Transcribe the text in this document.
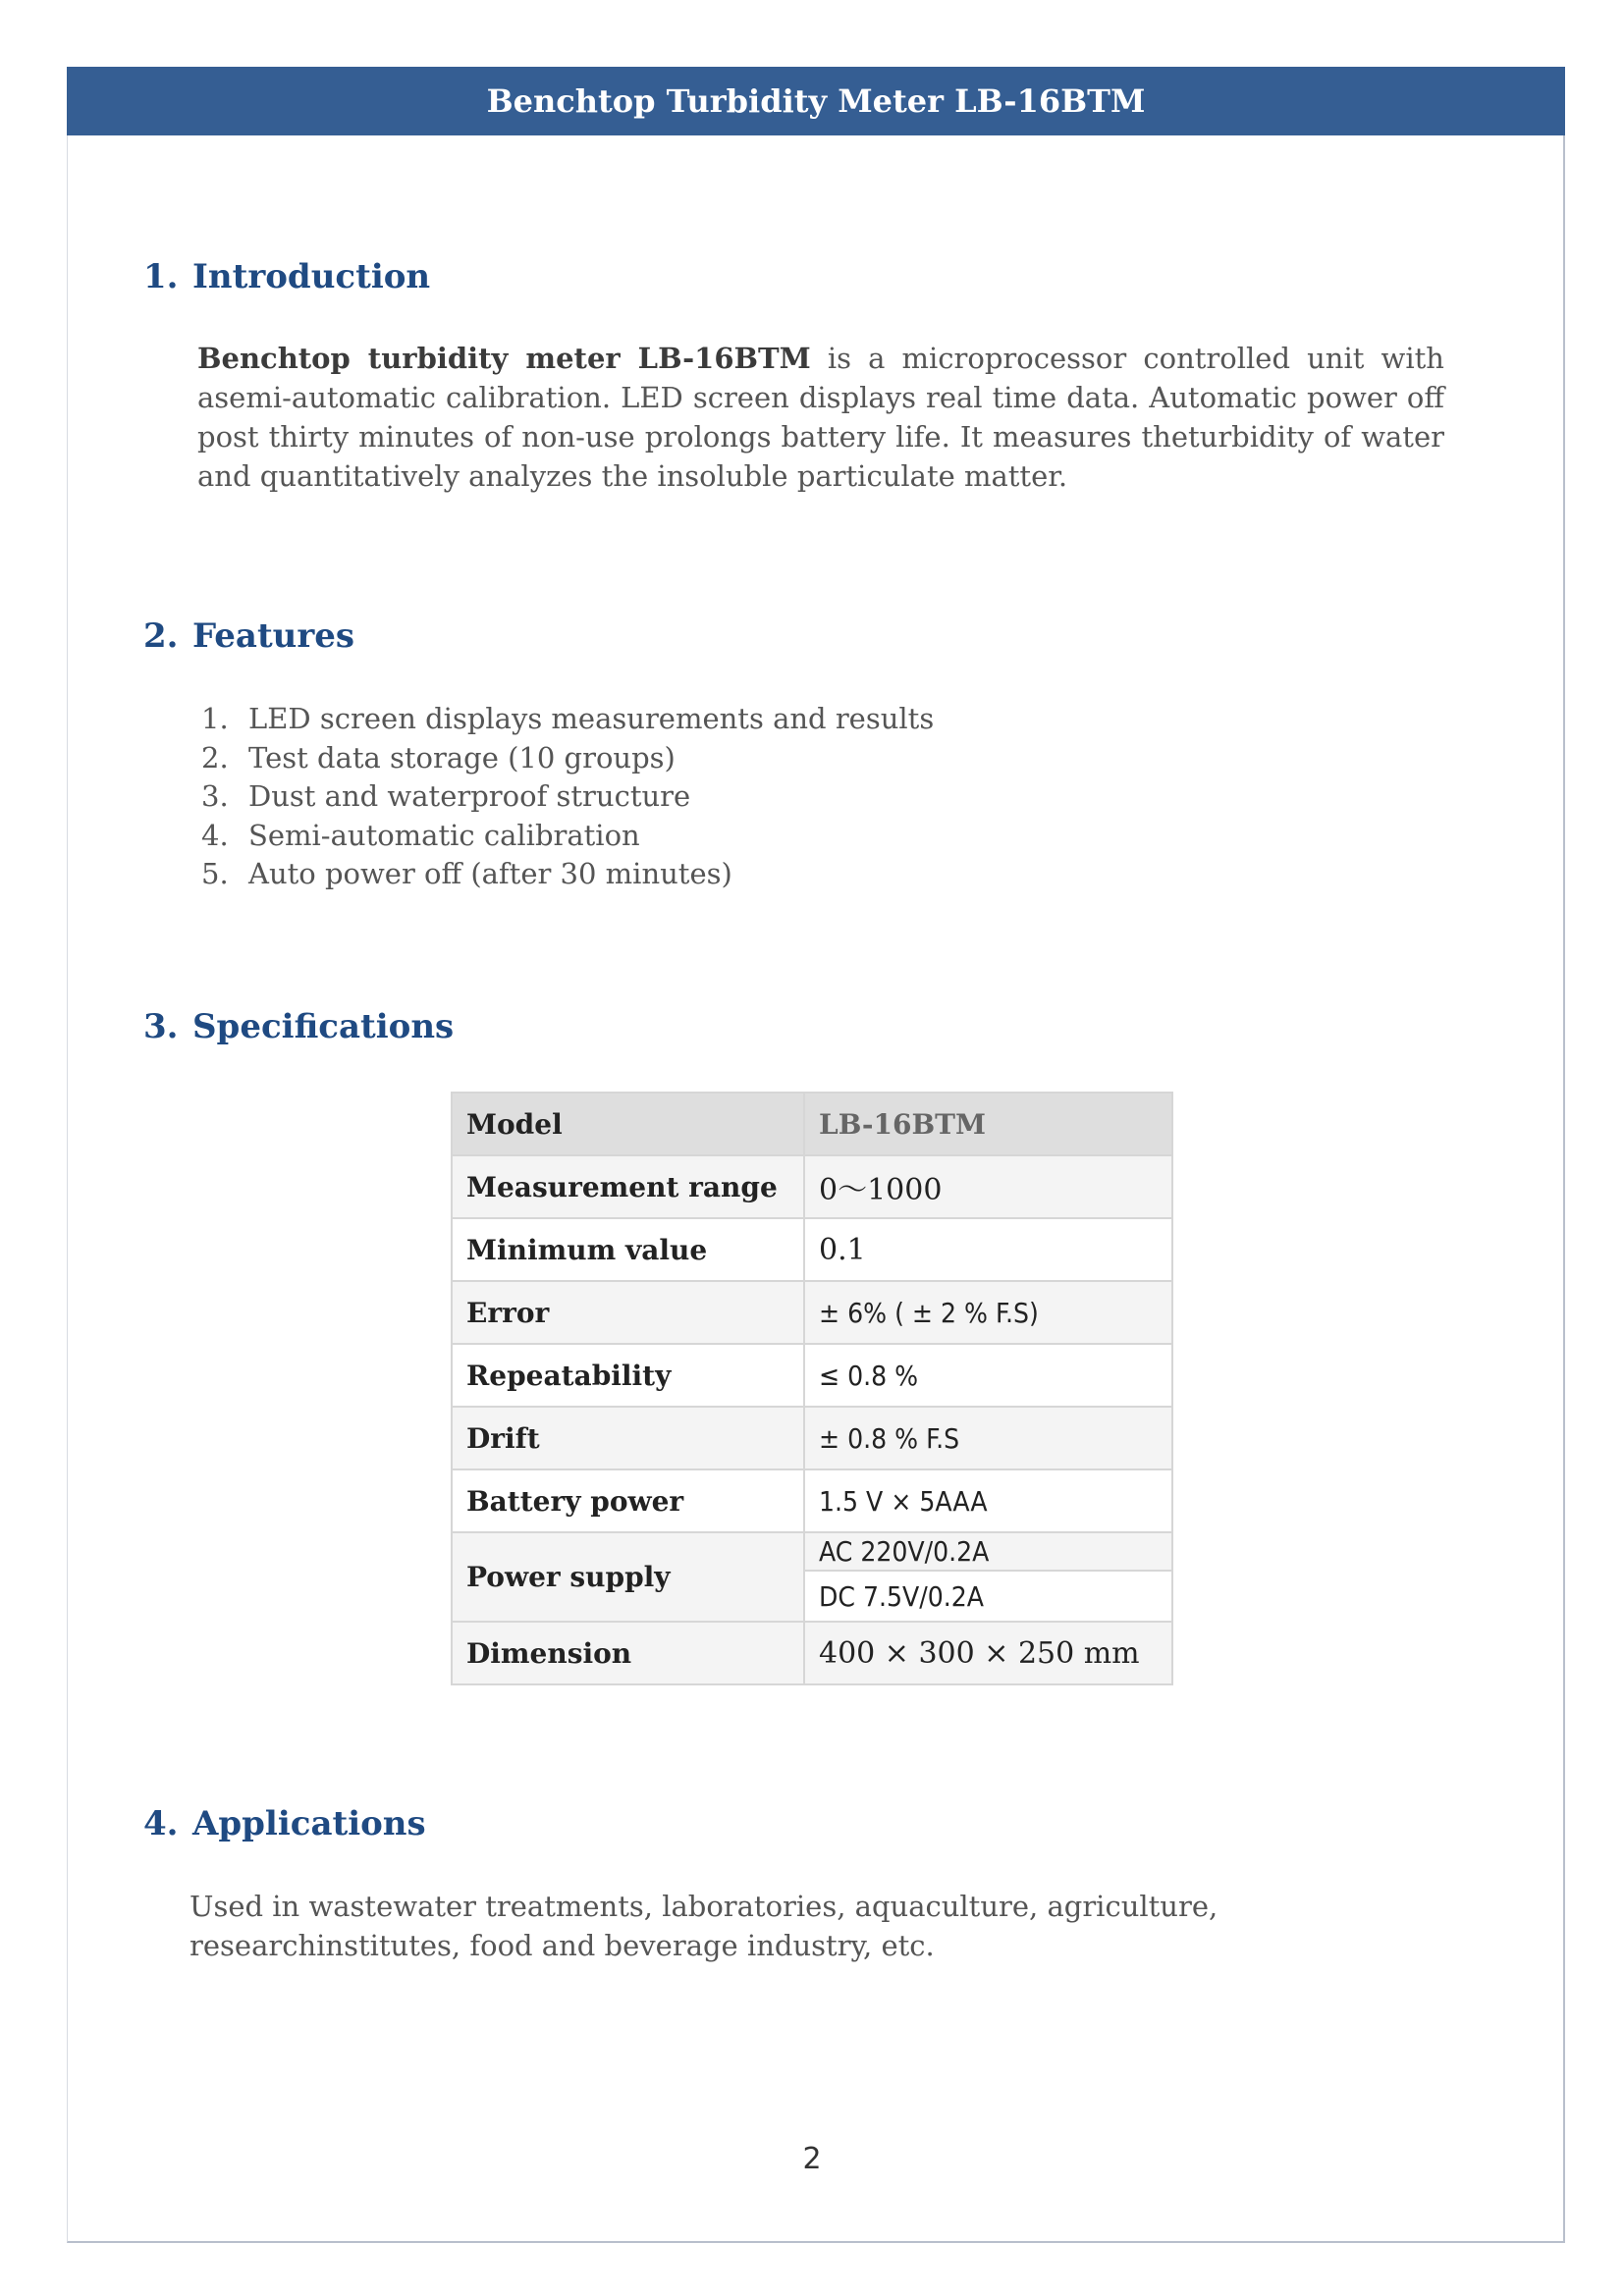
Benchtop Turbidity Meter LB-16BTM
1. Introduction
Benchtop turbidity meter LB-16BTM is a microprocessor controlled unit with asemi-automatic calibration. LED screen displays real time data. Automatic power off post thirty minutes of non-use prolongs battery life. It measures theturbidity of water and quantitatively analyzes the insoluble particulate matter.
2. Features
1. LED screen displays measurements and results
2. Test data storage (10 groups)
3. Dust and waterproof structure
4. Semi-automatic calibration
5. Auto power off (after 30 minutes)
3. Specifications
Model	LB-16BTM
Measurement range	0～1000
Minimum value	0.1
Error	± 6% ( ± 2 % F.S)
Repeatability	≤ 0.8 %
Drift	± 0.8 % F.S
Battery power	1.5 V × 5AAA
Power supply	AC 220V/0.2A
	DC 7.5V/0.2A
Dimension	400 × 300 × 250 mm
4. Applications
Used in wastewater treatments, laboratories, aquaculture, agriculture, researchinstitutes, food and beverage industry, etc.
2
